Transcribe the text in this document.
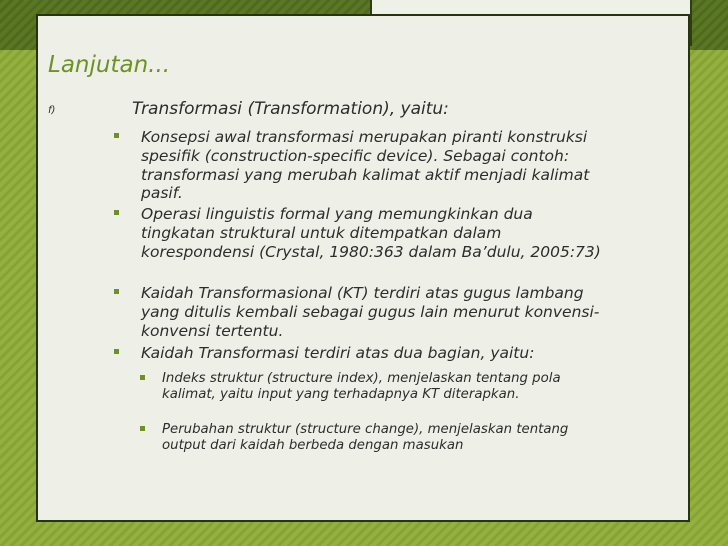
Lanjutan...
f)	Transformasi (Transformation), yaitu:
Konsepsi awal transformasi merupakan piranti konstruksi spesifik (construction-specific device). Sebagai contoh: transformasi yang merubah kalimat aktif menjadi kalimat pasif.
Operasi linguistis formal yang memungkinkan dua tingkatan struktural untuk ditempatkan dalam korespondensi (Crystal, 1980:363 dalam Ba’dulu, 2005:73)
Kaidah Transformasional (KT) terdiri atas gugus lambang yang ditulis kembali sebagai gugus lain menurut konvensi-konvensi tertentu.
Kaidah Transformasi terdiri atas dua bagian, yaitu:
Indeks struktur (structure index), menjelaskan tentang pola kalimat, yaitu input yang terhadapnya KT diterapkan.
Perubahan struktur (structure change), menjelaskan tentang output dari kaidah berbeda dengan masukan
